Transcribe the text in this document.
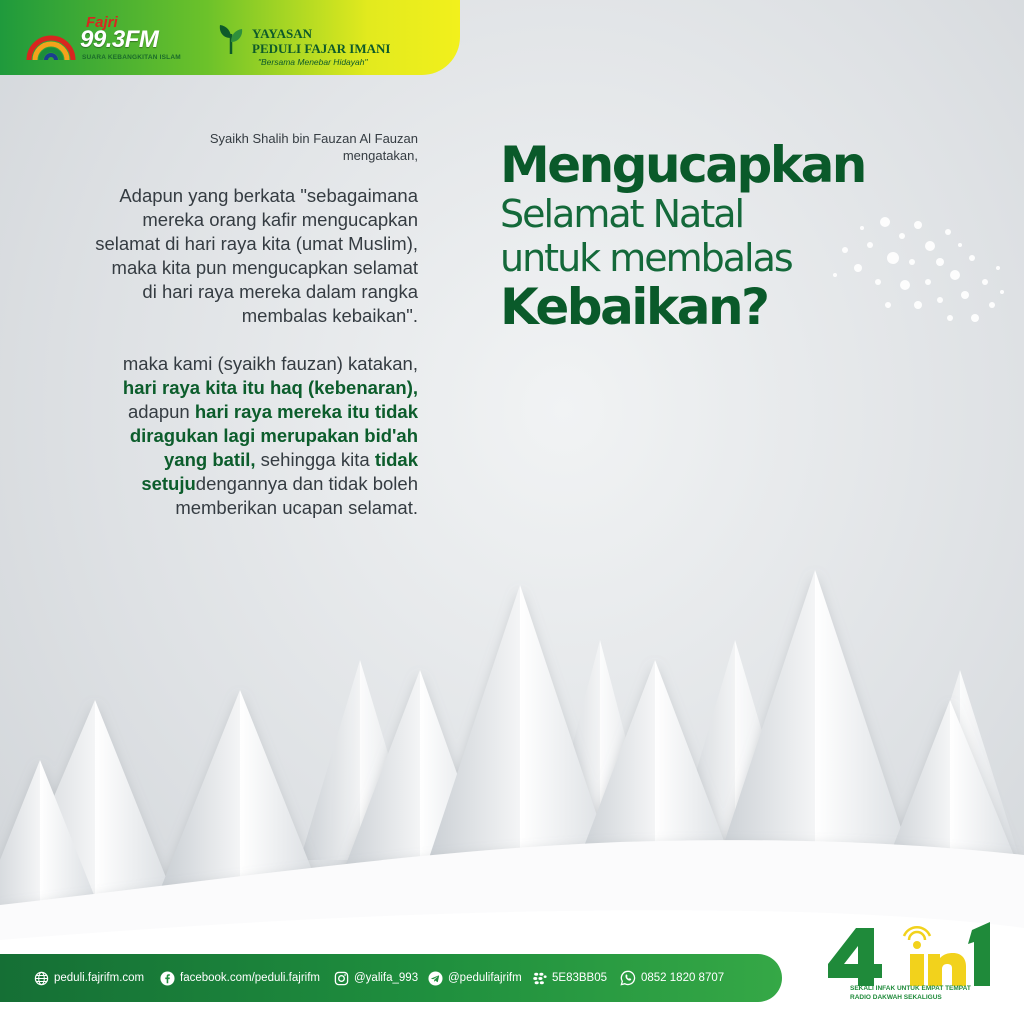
Fajri
99.3FM
SUARA KEBANGKITAN ISLAM
YAYASAN
PEDULI FAJAR IMANI
"Bersama Menebar Hidayah"

Syaikh Shalih bin Fauzan Al Fauzan
mengatakan,

Adapun yang berkata "sebagaimana mereka orang kafir mengucapkan selamat di hari raya kita (umat Muslim), maka kita pun mengucapkan selamat di hari raya mereka dalam rangka membalas kebaikan".

maka kami (syaikh fauzan) katakan, hari raya kita itu haq (kebenaran), adapun hari raya mereka itu tidak diragukan lagi merupakan bid'ah yang batil, sehingga kita tidak setujudengannya dan tidak boleh memberikan ucapan selamat.

Mengucapkan
Selamat Natal
untuk membalas
Kebaikan?
peduli.fajrifm.com	facebook.com/peduli.fajrifm	@yalifa_993	@pedulifajrifm	5E83BB05	0852 1820 8707
SEKALI INFAK UNTUK EMPAT TEMPAT
RADIO DAKWAH SEKALIGUS
